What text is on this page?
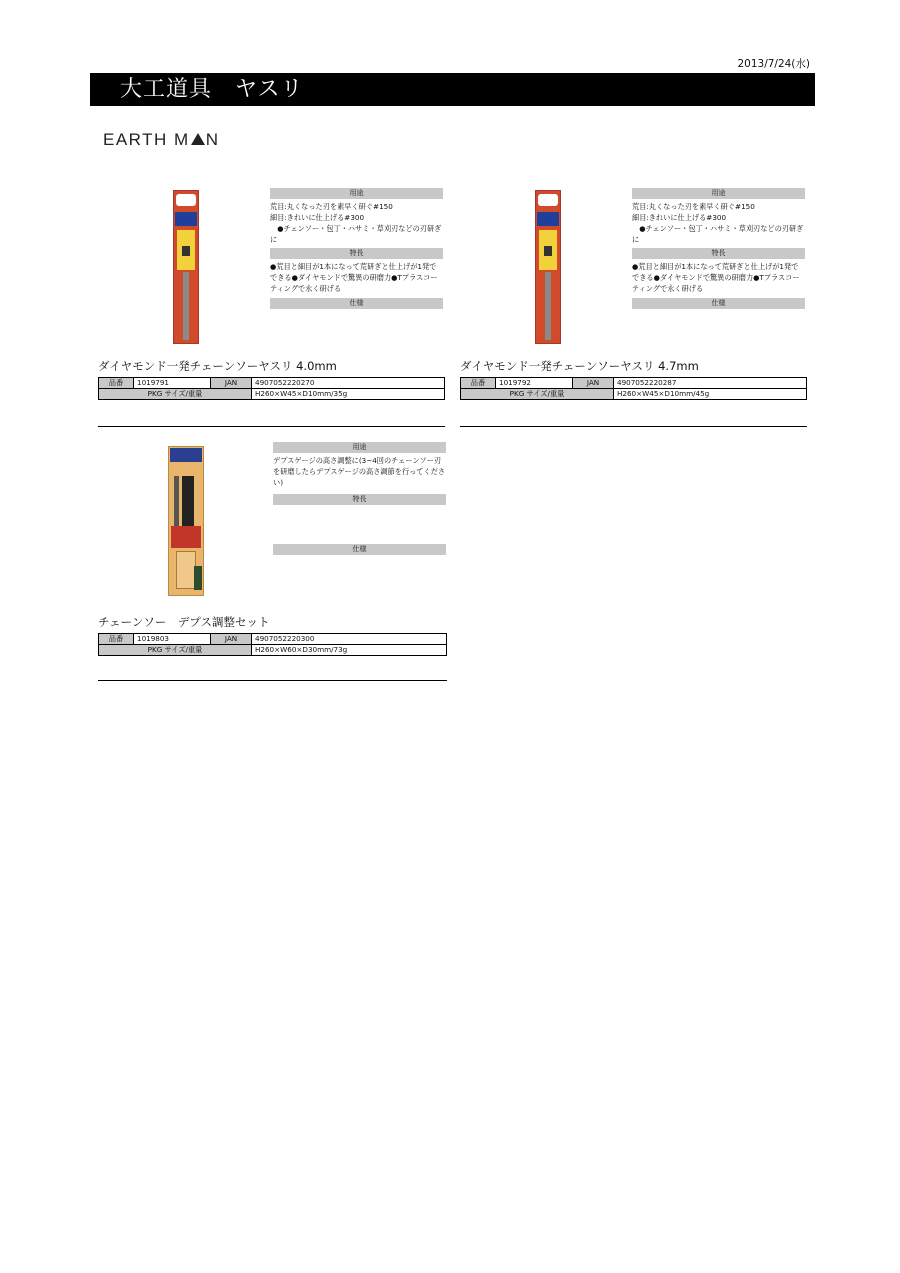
2013/7/24(水)
大工道具　ヤスリ
EARTH M N
用途
荒目:丸くなった刃を素早く研ぐ#150
細目:きれいに仕上げる#300
　●チェンソー・包丁・ハサミ・草刈刃などの刃研ぎに
特長
●荒目と細目が1本になって荒研ぎと仕上げが1発でできる●ダイヤモンドで驚異の研磨力●Tプラスコーティングで永く研げる
仕様
ダイヤモンド一発チェーンソーヤスリ 4.0mm
品番	1019791	JAN	4907052220270
PKG サイズ/重量			H260×W45×D10mm/35g
用途
荒目:丸くなった刃を素早く研ぐ#150
細目:きれいに仕上げる#300
　●チェンソー・包丁・ハサミ・草刈刃などの刃研ぎに
特長
●荒目と細目が1本になって荒研ぎと仕上げが1発でできる●ダイヤモンドで驚異の研磨力●Tプラスコーティングで永く研げる
仕様
ダイヤモンド一発チェーンソーヤスリ 4.7mm
品番	1019792	JAN	4907052220287
PKG サイズ/重量			H260×W45×D10mm/45g
用途
デプスゲージの高さ調整に(3~4回のチェーンソー刃を研磨したらデプスゲージの高さ調節を行ってください)
特長
仕様
チェーンソー　デプス調整セット
品番	1019803	JAN	4907052220300
PKG サイズ/重量			H260×W60×D30mm/73g
